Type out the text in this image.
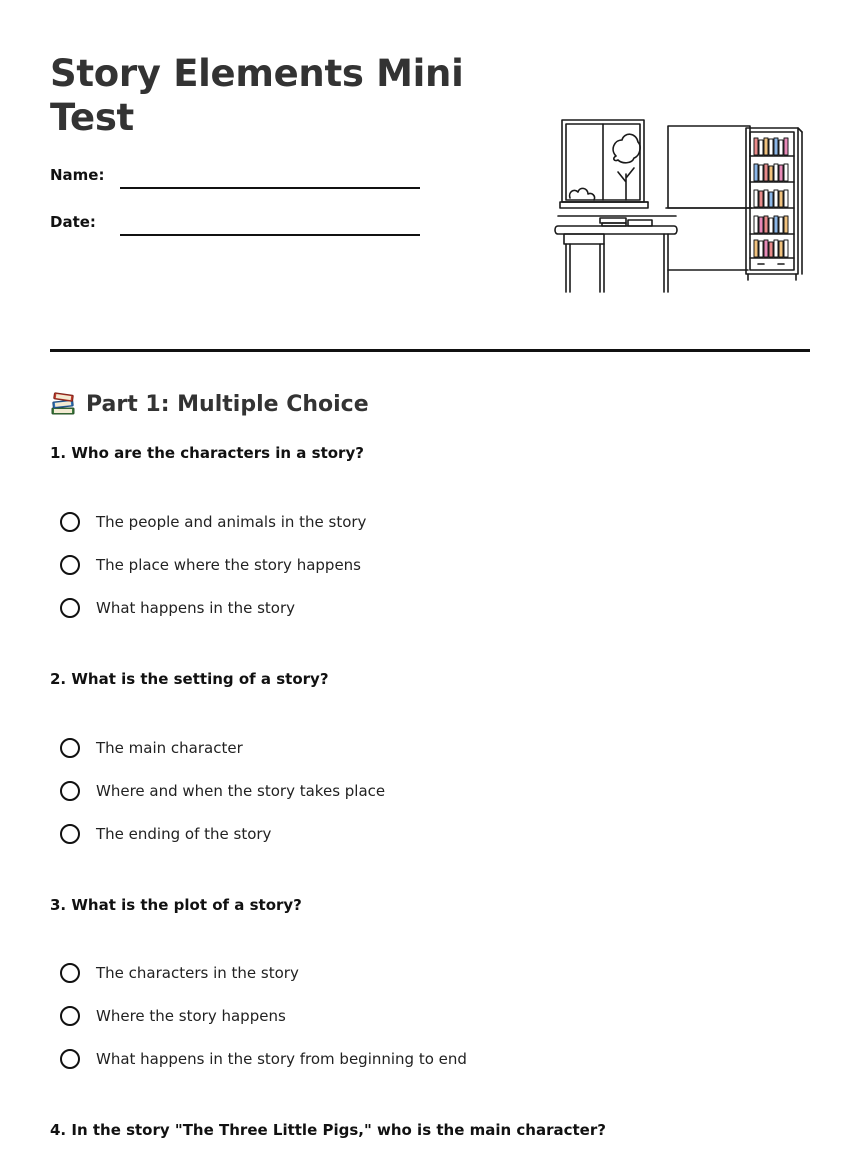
Story Elements Mini Test
Name:
Date:
Part 1: Multiple Choice
1. Who are the characters in a story?
The people and animals in the story
The place where the story happens
What happens in the story
2. What is the setting of a story?
The main character
Where and when the story takes place
The ending of the story
3. What is the plot of a story?
The characters in the story
Where the story happens
What happens in the story from beginning to end
4. In the story "The Three Little Pigs," who is the main character?
